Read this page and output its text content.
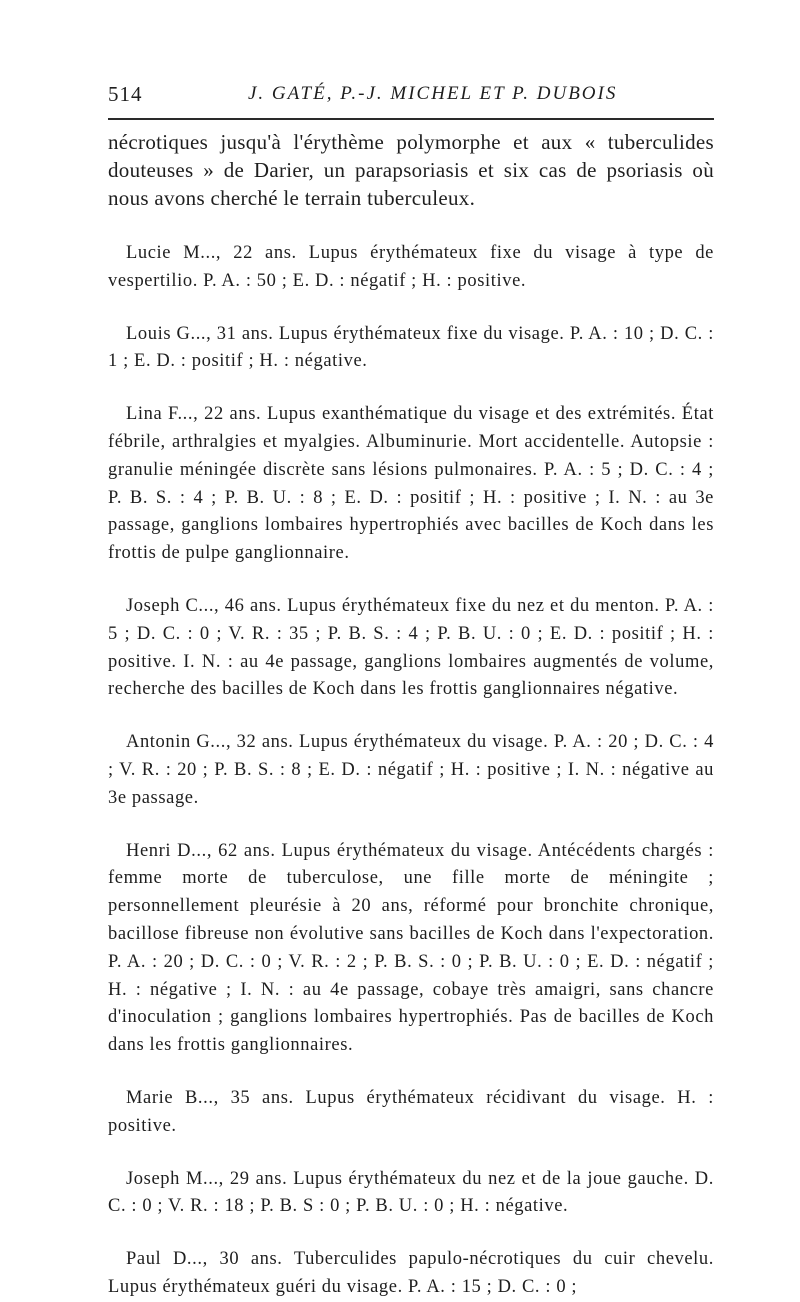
514	J. GATÉ, P.-J. MICHEL ET P. DUBOIS

nécrotiques jusqu'à l'érythème polymorphe et aux « tuberculides douteuses » de Darier, un parapsoriasis et six cas de psoriasis où nous avons cherché le terrain tuberculeux.

Lucie M..., 22 ans. Lupus érythémateux fixe du visage à type de vespertilio. P. A. : 50 ; E. D. : négatif ; H. : positive.

Louis G..., 31 ans. Lupus érythémateux fixe du visage. P. A. : 10 ; D. C. : 1 ; E. D. : positif ; H. : négative.

Lina F..., 22 ans. Lupus exanthématique du visage et des extrémités. État fébrile, arthralgies et myalgies. Albuminurie. Mort accidentelle. Autopsie : granulie méningée discrète sans lésions pulmonaires. P. A. : 5 ; D. C. : 4 ; P. B. S. : 4 ; P. B. U. : 8 ; E. D. : positif ; H. : positive ; I. N. : au 3e passage, ganglions lombaires hypertrophiés avec bacilles de Koch dans les frottis de pulpe ganglionnaire.

Joseph C..., 46 ans. Lupus érythémateux fixe du nez et du menton. P. A. : 5 ; D. C. : 0 ; V. R. : 35 ; P. B. S. : 4 ; P. B. U. : 0 ; E. D. : positif ; H. : positive. I. N. : au 4e passage, ganglions lombaires augmentés de volume, recherche des bacilles de Koch dans les frottis ganglionnaires négative.

Antonin G..., 32 ans. Lupus érythémateux du visage. P. A. : 20 ; D. C. : 4 ; V. R. : 20 ; P. B. S. : 8 ; E. D. : négatif ; H. : positive ; I. N. : négative au 3e passage.

Henri D..., 62 ans. Lupus érythémateux du visage. Antécédents chargés : femme morte de tuberculose, une fille morte de méningite ; personnellement pleurésie à 20 ans, réformé pour bronchite chronique, bacillose fibreuse non évolutive sans bacilles de Koch dans l'expectoration. P. A. : 20 ; D. C. : 0 ; V. R. : 2 ; P. B. S. : 0 ; P. B. U. : 0 ; E. D. : négatif ; H. : négative ; I. N. : au 4e passage, cobaye très amaigri, sans chancre d'inoculation ; ganglions lombaires hypertrophiés. Pas de bacilles de Koch dans les frottis ganglionnaires.

Marie B..., 35 ans. Lupus érythémateux récidivant du visage. H. : positive.

Joseph M..., 29 ans. Lupus érythémateux du nez et de la joue gauche. D. C. : 0 ; V. R. : 18 ; P. B. S : 0 ; P. B. U. : 0 ; H. : négative.

Paul D..., 30 ans. Tuberculides papulo-nécrotiques du cuir chevelu. Lupus érythémateux guéri du visage. P. A. : 15 ; D. C. : 0 ;
